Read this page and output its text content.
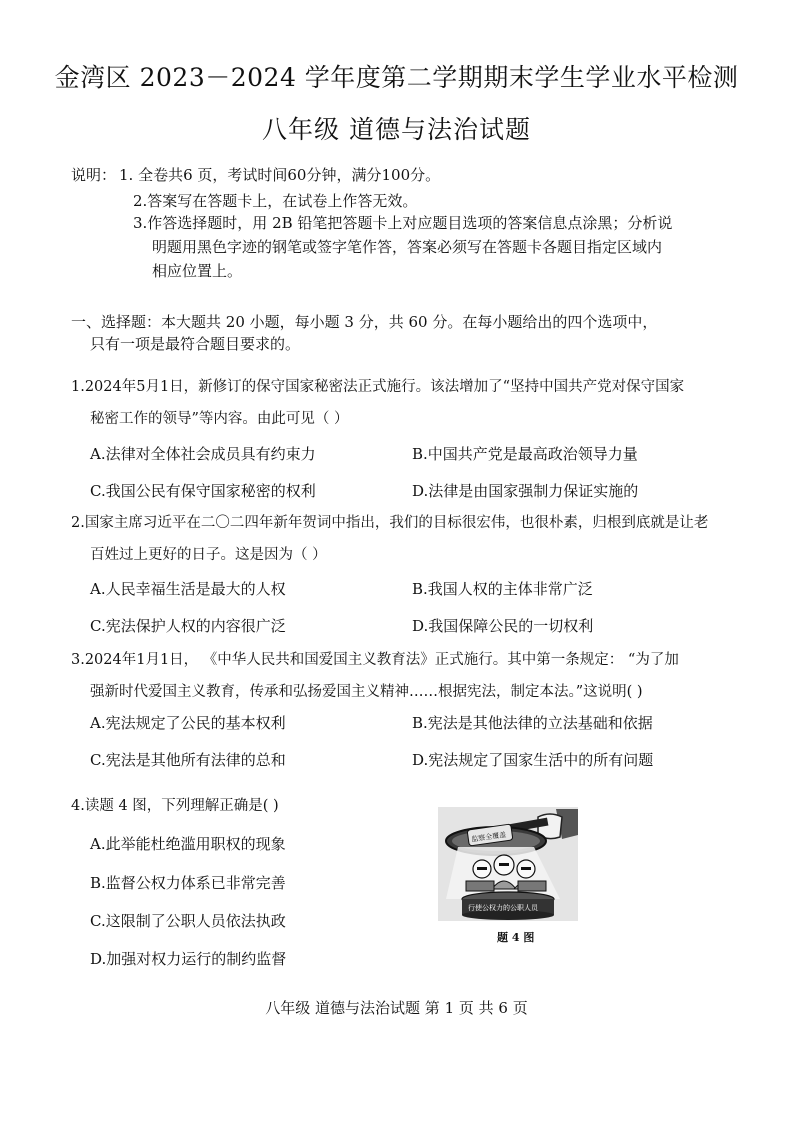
金湾区 2023－2024 学年度第二学期期末学生学业水平检测
八年级 道德与法治试题
说明： 1. 全卷共6 页，考试时间60分钟，满分100分。
2.答案写在答题卡上，在试卷上作答无效。
3.作答选择题时，用 2B 铅笔把答题卡上对应题目选项的答案信息点涂黑；分析说
明题用黑色字迹的钢笔或签字笔作答，答案必须写在答题卡各题目指定区域内
相应位置上。
一、选择题：本大题共 20 小题，每小题 3 分，共 60 分。在每小题给出的四个选项中，
只有一项是最符合题目要求的。
1.2024年5月1日，新修订的保守国家秘密法正式施行。该法增加了“坚持中国共产党对保守国家
秘密工作的领导”等内容。由此可见（ ）
A.法律对全体社会成员具有约束力	B.中国共产党是最高政治领导力量
C.我国公民有保守国家秘密的权利	D.法律是由国家强制力保证实施的
2.国家主席习近平在二〇二四年新年贺词中指出，我们的目标很宏伟，也很朴素，归根到底就是让老
百姓过上更好的日子。这是因为（ ）
A.人民幸福生活是最大的人权	B.我国人权的主体非常广泛
C.宪法保护人权的内容很广泛	D.我国保障公民的一切权利
3.2024年1月1日， 《中华人民共和国爱国主义教育法》正式施行。其中第一条规定： “为了加
强新时代爱国主义教育，传承和弘扬爱国主义精神……根据宪法，制定本法。”这说明( )
A.宪法规定了公民的基本权利	B.宪法是其他法律的立法基础和依据
C.宪法是其他所有法律的总和	D.宪法规定了国家生活中的所有问题
4.读题 4 图，下列理解正确是( )
A.此举能杜绝滥用职权的现象
B.监督公权力体系已非常完善
C.这限制了公职人员依法执政
D.加强对权力运行的制约监督
监察全覆盖
行使公权力的公职人员
题 4 图
八年级 道德与法治试题 第 1 页 共 6 页
